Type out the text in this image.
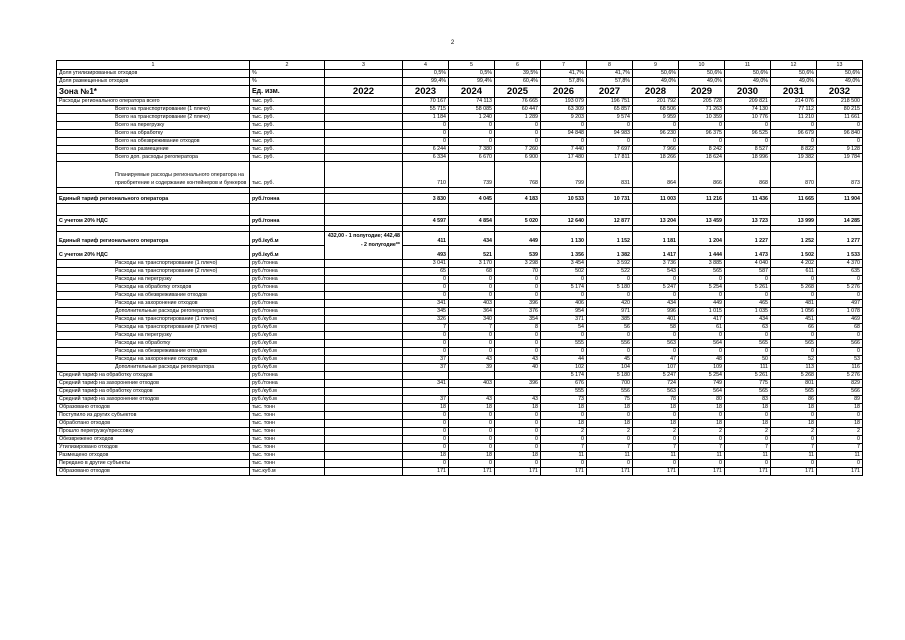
2
1	2	3	4	5	6	7	8	9	10	11	12	13
Доля утилизированных отходов	%		0,5%	0,5%	39,5%	41,7%	41,7%	50,6%	50,6%	50,6%	50,6%	50,6%
Доля размещенных отходов	%		99,4%	99,4%	60,4%	57,8%	57,8%	49,0%	49,0%	49,0%	49,0%	49,0%
Зона №1*	Ед. изм.	2022	2023	2024	2025	2026	2027	2028	2029	2030	2031	2032
Расходы регионального оператора всего	тыс. руб.		70 167	74 113	76 665	193 079	196 751	201 792	205 728	209 821	214 076	218 500
Всего на транспортирование (1 плечо)	тыс. руб.		55 715	58 085	60 447	63 309	65 857	68 506	71 263	74 130	77 112	80 215
Всего на транспортирование (2 плечо)	тыс. руб.		1 184	1 240	1 289	9 203	9 574	9 959	10 359	10 776	11 210	11 661
Всего на перегрузку	тыс. руб.		0	0	0	0	0	0	0	0	0	0
Всего на обработку	тыс. руб.		0	0	0	94 848	94 983	96 230	96 375	96 525	96 679	96 840
Всего на обезвреживание отходов	тыс. руб.		0	0	0	0	0	0	0	0	0	0
Всего на размещение	тыс. руб.		6 244	7 380	7 260	7 440	7 697	7 966	8 242	8 527	8 822	9 128
Всего доп. расходы регоператора	тыс. руб.		6 334	6 670	6 900	17 480	17 811	18 266	18 624	18 996	19 382	19 784
Планируемые расходы регионального оператора на приобретение и содержание контейнеров и бункеров	тыс. руб.		710	739	768	799	831	864	866	868	870	873

Единый тариф регионального оператора	руб./тонна		3 830	4 045	4 183	10 533	10 731	11 003	11 216	11 436	11 665	11 904

С учетом 20% НДС	руб./тонна		4 597	4 854	5 020	12 640	12 877	13 204	13 459	13 723	13 999	14 285

Единый тариф регионального оператора	руб./куб.м	432,00 - 1 полугодие; 442,48 - 2 полугодие**	411	434	449	1 130	1 152	1 181	1 204	1 227	1 252	1 277
С учетом 20% НДС	руб./куб.м		493	521	539	1 356	1 382	1 417	1 444	1 473	1 502	1 533
Расходы на транспортирование (1 плечо)	руб./тонна		3 041	3 170	3 298	3 454	3 592	3 736	3 885	4 040	4 202	4 370
Расходы на транспортирование (2 плечо)	руб./тонна		65	68	70	502	522	543	565	587	611	635
Расходы на перегрузку	руб./тонна		0	0	0	0	0	0	0	0	0	0
Расходы на обработку отходов	руб./тонна		0	0	0	5 174	5 180	5 247	5 254	5 261	5 268	5 276
Расходы на обезвреживание отходов	руб./тонна		0	0	0	0	0	0	0	0	0	0
Расходы на захоронение отходов	руб./тонна		341	403	396	406	420	434	449	465	481	497
Дополнительные расходы регоператора	руб./тонна		345	364	376	954	971	996	1 015	1 035	1 056	1 078
Расходы на транспортирование (1 плечо)	руб./куб.м		326	340	354	371	385	401	417	434	451	469
Расходы на транспортирование (2 плечо)	руб./куб.м		7	7	8	54	56	58	61	63	66	68
Расходы на перегрузку	руб./куб.м		0	0	0	0	0	0	0	0	0	0
Расходы на обработку	руб./куб.м		0	0	0	555	556	563	564	565	565	566
Расходы на обезвреживание отходов	руб./куб.м		0	0	0	0	0	0	0	0	0	0
Расходы на захоронение отходов	руб./куб.м		37	43	43	44	45	47	48	50	52	53
Дополнительные расходы регоператора	руб./куб.м		37	39	40	102	104	107	109	111	113	116
Средний тариф на обработку отходов	руб./тонна					5 174	5 180	5 247	5 254	5 261	5 268	5 276
Средний тариф на захоронение отходов	руб./тонна		341	403	396	676	700	724	749	775	801	829
Средний тариф на обработку отходов	руб./куб.м					555	556	563	564	565	565	566
Средний тариф на захоронение отходов	руб./куб.м		37	43	43	73	75	78	80	83	86	89
Образовано отходов	тыс. тонн		18	18	18	18	18	18	18	18	18	18
Поступило из других субъектов	тыс. тонн		0	0	0	0	0	0	0	0	0	0
Обработано отходов	тыс. тонн		0	0	0	18	18	18	18	18	18	18
Прошло перегрузку/прессовку	тыс. тонн		0	0	0	2	2	2	2	2	2	2
Обезврежено отходов	тыс. тонн		0	0	0	0	0	0	0	0	0	0
Утилизировано отходов	тыс. тонн		0	0	0	7	7	7	7	7	7	7
Размещено отходов	тыс. тонн		18	18	18	11	11	11	11	11	11	11
Передано в другие субъекты	тыс. тонн		0	0	0	0	0	0	0	0	0	0
Образовано отходов	тыс.куб.м		171	171	171	171	171	171	171	171	171	171
